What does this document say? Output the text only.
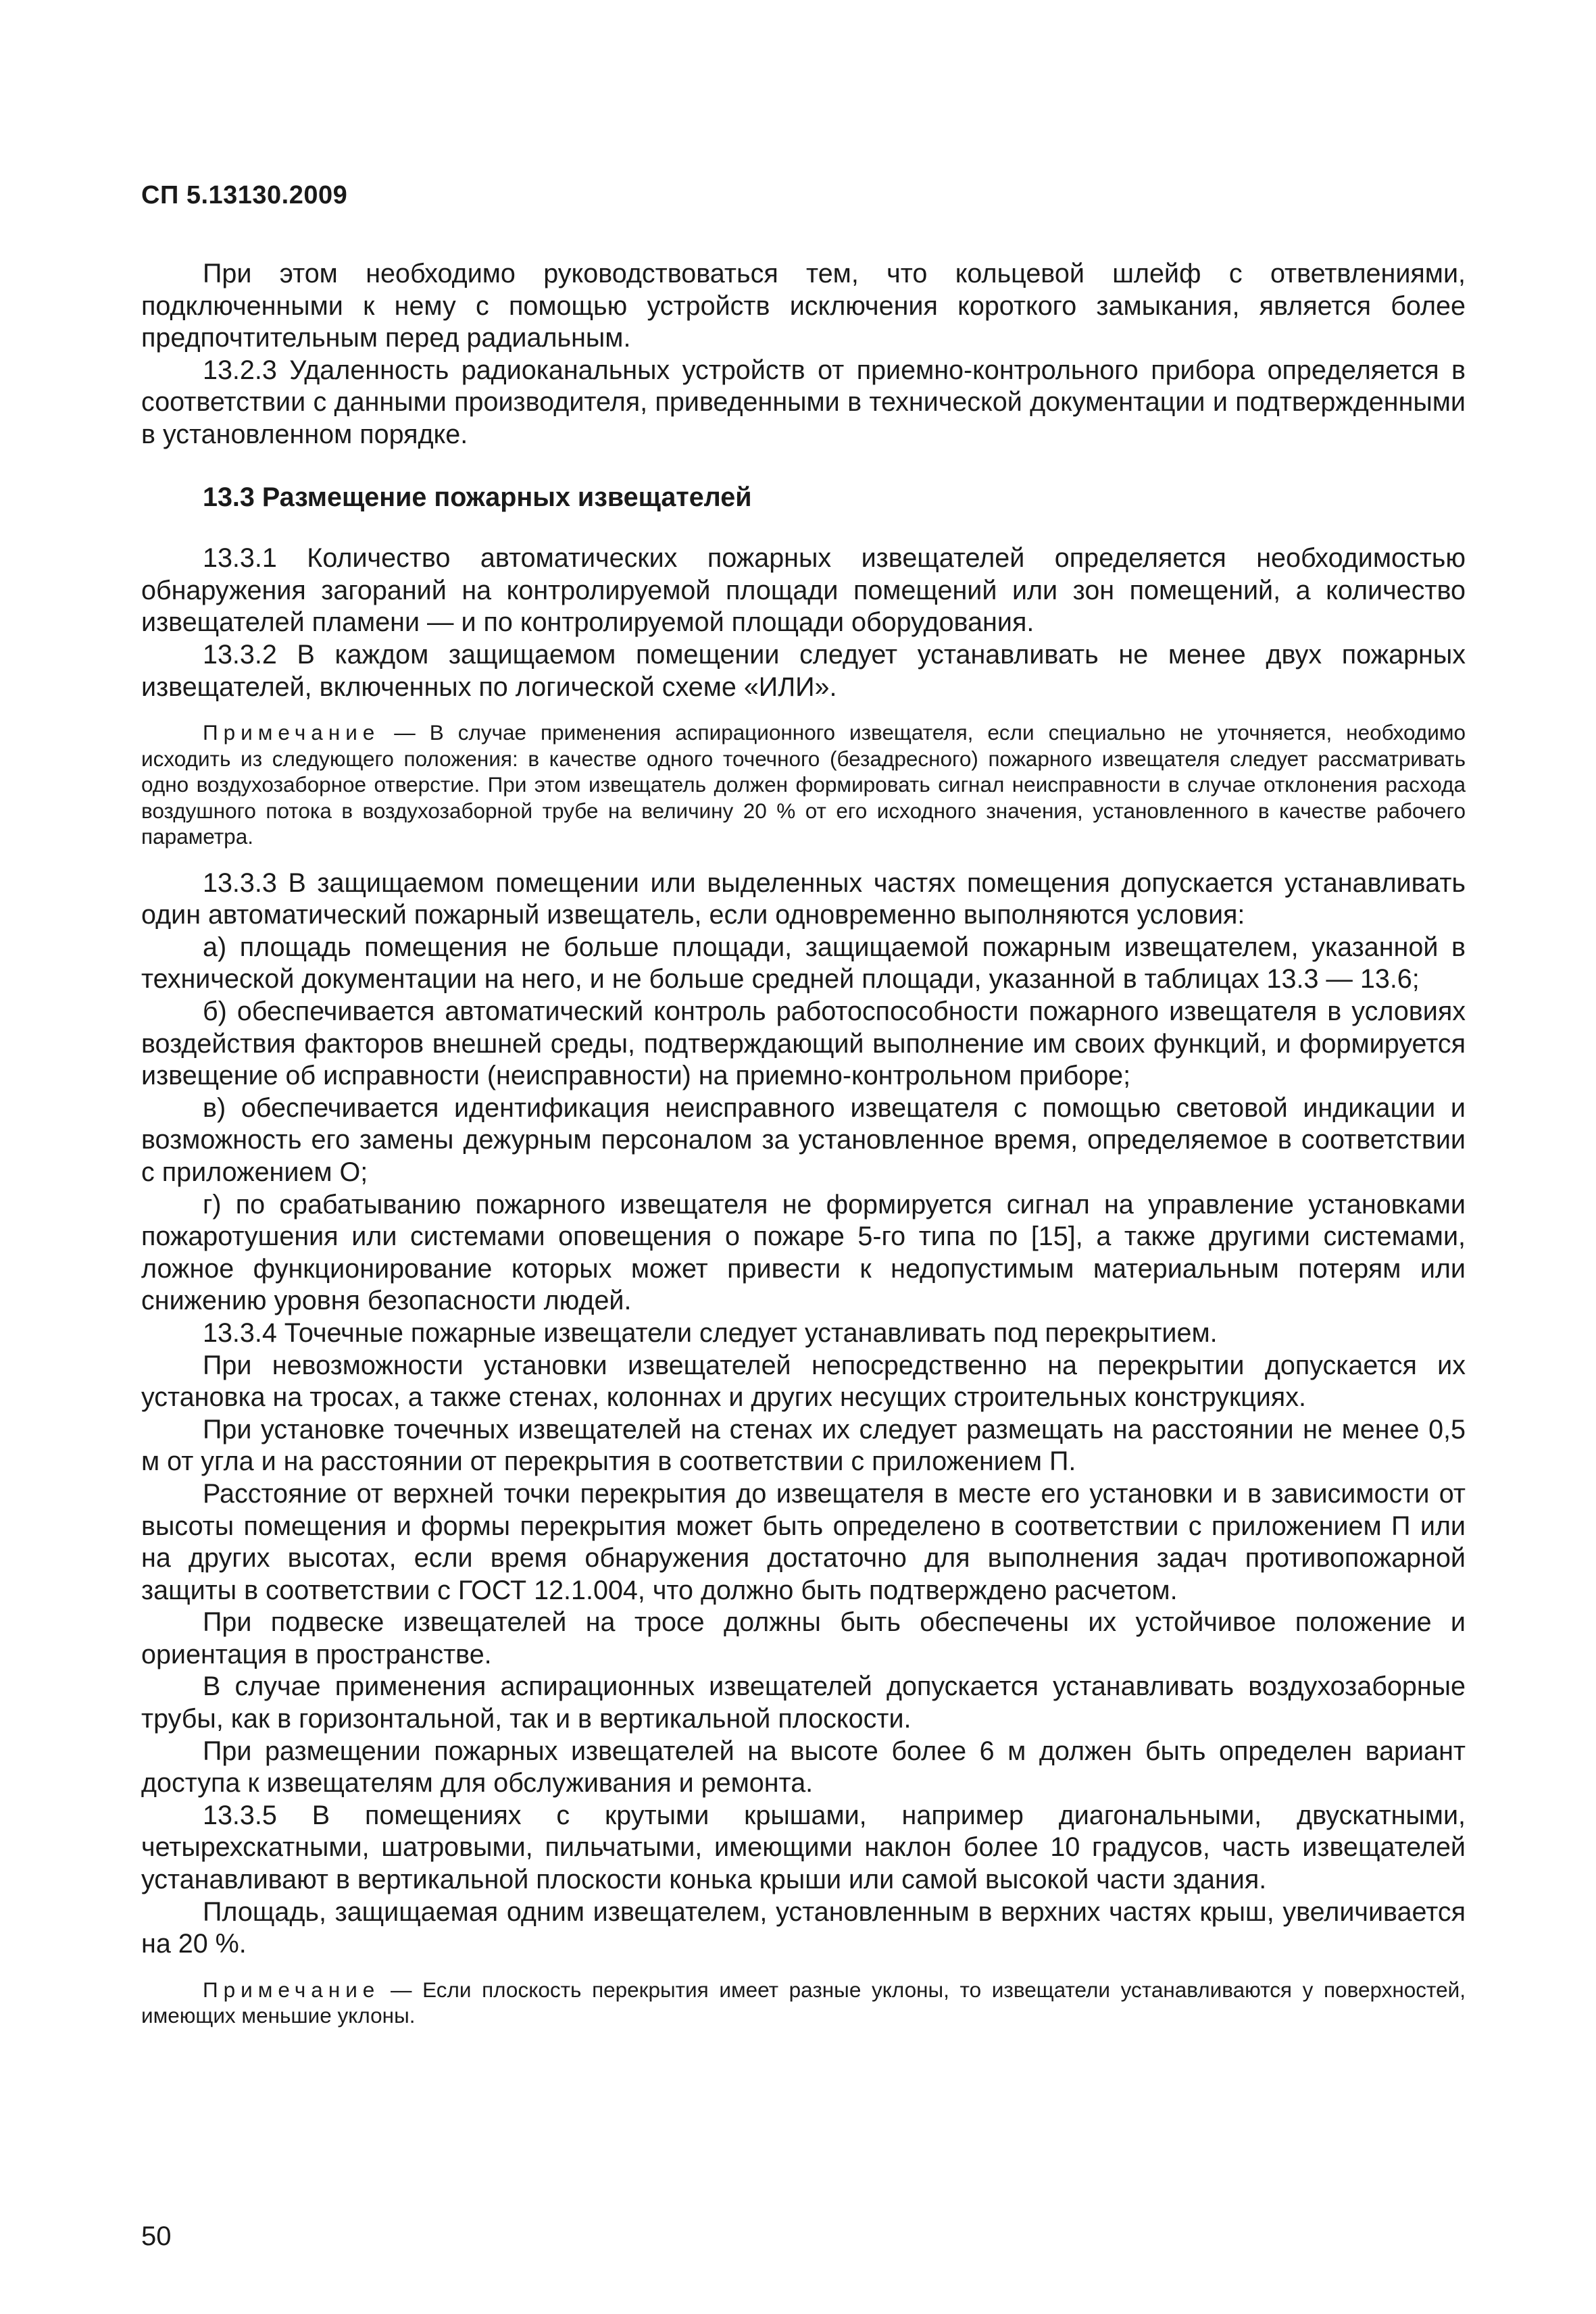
СП 5.13130.2009

При этом необходимо руководствоваться тем, что кольцевой шлейф с ответвлениями, подключенными к нему с помощью устройств исключения короткого замыкания, является более предпочтительным перед радиальным.

13.2.3 Удаленность радиоканальных устройств от приемно-контрольного прибора определяется в соответствии с данными производителя, приведенными в технической документации и подтвержденными в установленном порядке.

13.3 Размещение пожарных извещателей

13.3.1 Количество автоматических пожарных извещателей определяется необходимостью обнаружения загораний на контролируемой площади помещений или зон помещений, а количество извещателей пламени — и по контролируемой площади оборудования.

13.3.2 В каждом защищаемом помещении следует устанавливать не менее двух пожарных извещателей, включенных по логической схеме «ИЛИ».

Примечание — В случае применения аспирационного извещателя, если специально не уточняется, необходимо исходить из следующего положения: в качестве одного точечного (безадресного) пожарного извещателя следует рассматривать одно воздухозаборное отверстие. При этом извещатель должен формировать сигнал неисправности в случае отклонения расхода воздушного потока в воздухозаборной трубе на величину 20 % от его исходного значения, установленного в качестве рабочего параметра.

13.3.3 В защищаемом помещении или выделенных частях помещения допускается устанавливать один автоматический пожарный извещатель, если одновременно выполняются условия:

а) площадь помещения не больше площади, защищаемой пожарным извещателем, указанной в технической документации на него, и не больше средней площади, указанной в таблицах 13.3 — 13.6;

б) обеспечивается автоматический контроль работоспособности пожарного извещателя в условиях воздействия факторов внешней среды, подтверждающий выполнение им своих функций, и формируется извещение об исправности (неисправности) на приемно-контрольном приборе;

в) обеспечивается идентификация неисправного извещателя с помощью световой индикации и возможность его замены дежурным персоналом за установленное время, определяемое в соответствии с приложением О;

г) по срабатыванию пожарного извещателя не формируется сигнал на управление установками пожаротушения или системами оповещения о пожаре 5-го типа по [15], а также другими системами, ложное функционирование которых может привести к недопустимым материальным потерям или снижению уровня безопасности людей.

13.3.4 Точечные пожарные извещатели следует устанавливать под перекрытием.

При невозможности установки извещателей непосредственно на перекрытии допускается их установка на тросах, а также стенах, колоннах и других несущих строительных конструкциях.

При установке точечных извещателей на стенах их следует размещать на расстоянии не менее 0,5 м от угла и на расстоянии от перекрытия в соответствии с приложением П.

Расстояние от верхней точки перекрытия до извещателя в месте его установки и в зависимости от высоты помещения и формы перекрытия может быть определено в соответствии с приложением П или на других высотах, если время обнаружения достаточно для выполнения задач противопожарной защиты в соответствии с ГОСТ 12.1.004, что должно быть подтверждено расчетом.

При подвеске извещателей на тросе должны быть обеспечены их устойчивое положение и ориентация в пространстве.

В случае применения аспирационных извещателей допускается устанавливать воздухозаборные трубы, как в горизонтальной, так и в вертикальной плоскости.

При размещении пожарных извещателей на высоте более 6 м должен быть определен вариант доступа к извещателям для обслуживания и ремонта.

13.3.5 В помещениях с крутыми крышами, например диагональными, двускатными, четырехскатными, шатровыми, пильчатыми, имеющими наклон более 10 градусов, часть извещателей устанавливают в вертикальной плоскости конька крыши или самой высокой части здания.

Площадь, защищаемая одним извещателем, установленным в верхних частях крыш, увеличивается на 20 %.

Примечание — Если плоскость перекрытия имеет разные уклоны, то извещатели устанавливаются у поверхностей, имеющих меньшие уклоны.

50
